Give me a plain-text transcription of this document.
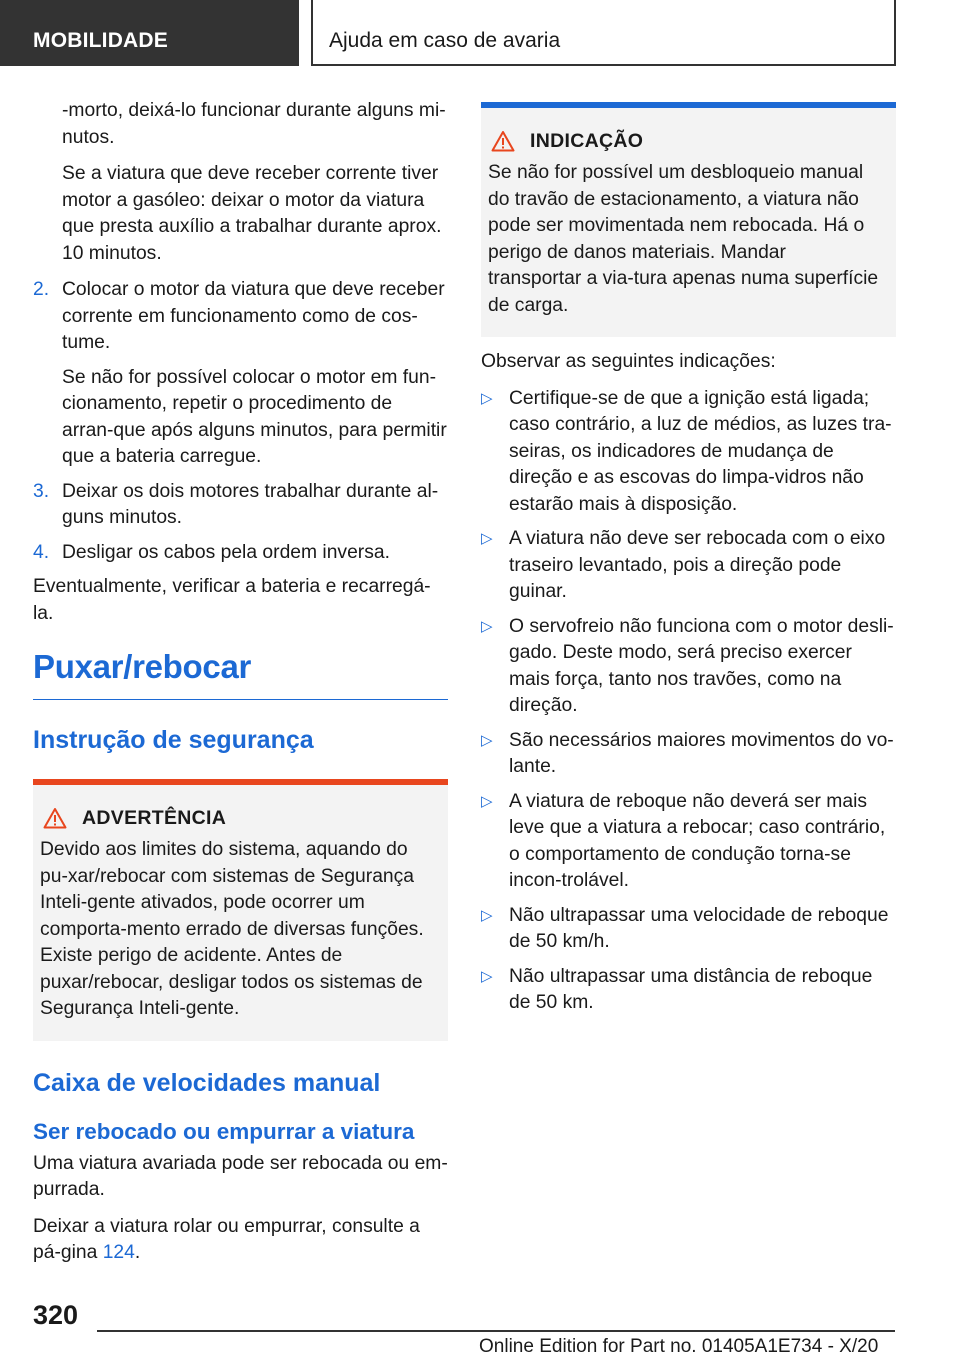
MOBILIDADE	Ajuda em caso de avaria

-morto, deixá-lo funcionar durante alguns mi-nutos.

Se a viatura que deve receber corrente tiver motor a gasóleo: deixar o motor da viatura que presta auxílio a trabalhar durante aprox. 10 minutos.

2. Colocar o motor da viatura que deve receber corrente em funcionamento como de cos-tume.

Se não for possível colocar o motor em fun-cionamento, repetir o procedimento de arran-que após alguns minutos, para permitir que a bateria carregue.

3. Deixar os dois motores trabalhar durante al-guns minutos.

4. Desligar os cabos pela ordem inversa.

Eventualmente, verificar a bateria e recarregá-la.

Puxar/rebocar
Instrução de segurança
ADVERTÊNCIA

Devido aos limites do sistema, aquando do pu-xar/rebocar com sistemas de Segurança Inteli-gente ativados, pode ocorrer um comporta-mento errado de diversas funções. Existe perigo de acidente. Antes de puxar/rebocar, desligar todos os sistemas de Segurança Inteli-gente.

Caixa de velocidades manual
Ser rebocado ou empurrar a viatura

Uma viatura avariada pode ser rebocada ou em-purrada.

Deixar a viatura rolar ou empurrar, consulte a pá-gina 124.

INDICAÇÃO

Se não for possível um desbloqueio manual do travão de estacionamento, a viatura não pode ser movimentada nem rebocada. Há o perigo de danos materiais. Mandar transportar a via-tura apenas numa superfície de carga.

Observar as seguintes indicações:

▷ Certifique-se de que a ignição está ligada; caso contrário, a luz de médios, as luzes tra-seiras, os indicadores de mudança de direção e as escovas do limpa-vidros não estarão mais à disposição.
▷ A viatura não deve ser rebocada com o eixo traseiro levantado, pois a direção pode guinar.
▷ O servofreio não funciona com o motor desli-gado. Deste modo, será preciso exercer mais força, tanto nos travões, como na direção.
▷ São necessários maiores movimentos do vo-lante.
▷ A viatura de reboque não deverá ser mais leve que a viatura a rebocar; caso contrário, o comportamento de condução torna-se incon-trolável.
▷ Não ultrapassar uma velocidade de reboque de 50 km/h.
▷ Não ultrapassar uma distância de reboque de 50 km.
320
Online Edition for Part no. 01405A1E734 - X/20
